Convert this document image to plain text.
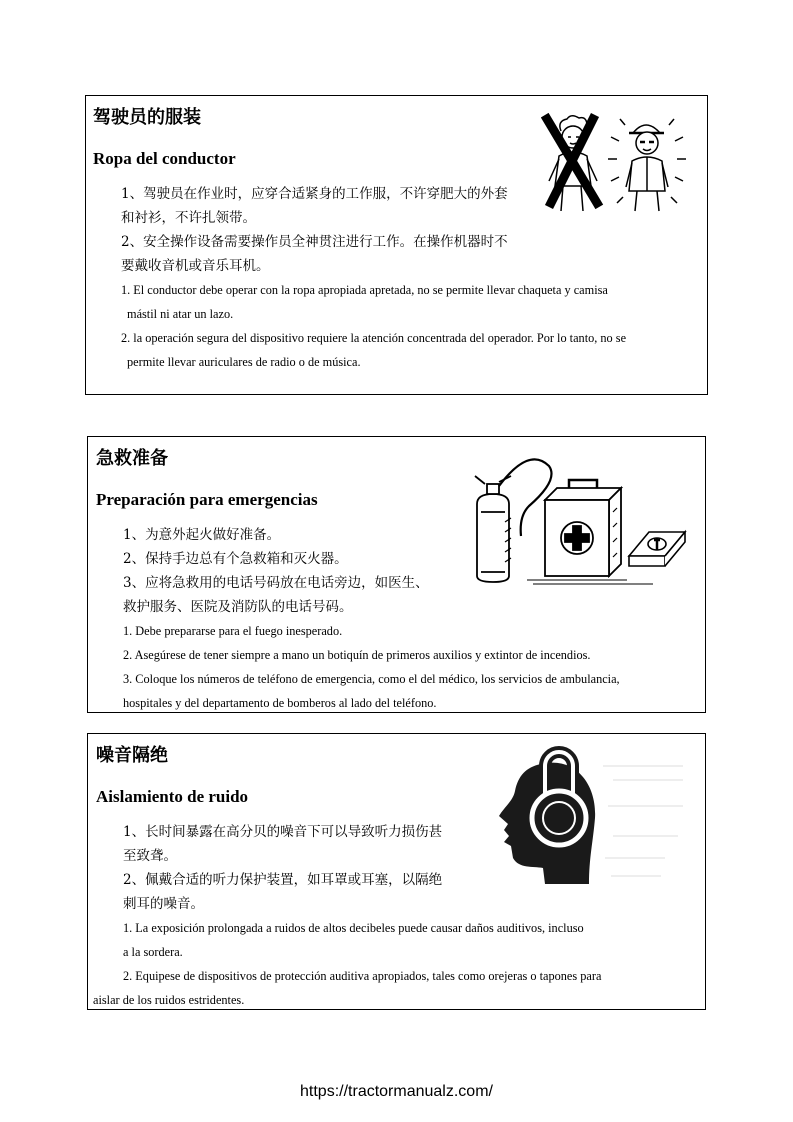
驾驶员的服装
Ropa del conductor
1、驾驶员在作业时，应穿合适紧身的工作服，不许穿肥大的外套
和衬衫，不许扎领带。
2、安全操作设备需要操作员全神贯注进行工作。在操作机器时不
要戴收音机或音乐耳机。
1. El conductor debe operar con la ropa apropiada apretada, no se permite llevar chaqueta y camisa
mástil ni atar un lazo.
2. la operación segura del dispositivo requiere la atención concentrada del operador. Por lo tanto, no se
permite llevar auriculares de radio o de música.
急救准备
Preparación para emergencias
1、为意外起火做好准备。
2、保持手边总有个急救箱和灭火器。
3、应将急救用的电话号码放在电话旁边，如医生、
救护服务、医院及消防队的电话号码。
1. Debe prepararse para el fuego inesperado.
2. Asegúrese de tener siempre a mano un botiquín de primeros auxilios y extintor de incendios.
3. Coloque los números de teléfono de emergencia, como el del médico, los servicios de ambulancia,
hospitales y del departamento de bomberos al lado del teléfono.
噪音隔绝
Aislamiento de ruido
1、长时间暴露在高分贝的噪音下可以导致听力损伤甚
至致聋。
2、佩戴合适的听力保护装置，如耳罩或耳塞，以隔绝
刺耳的噪音。
1. La exposición prolongada a ruidos de altos decibeles puede causar daños auditivos, incluso
a la sordera.
2. Equipese de dispositivos de protección auditiva apropiados, tales como orejeras o tapones para
aislar de los ruidos estridentes.
https://tractormanualz.com/
